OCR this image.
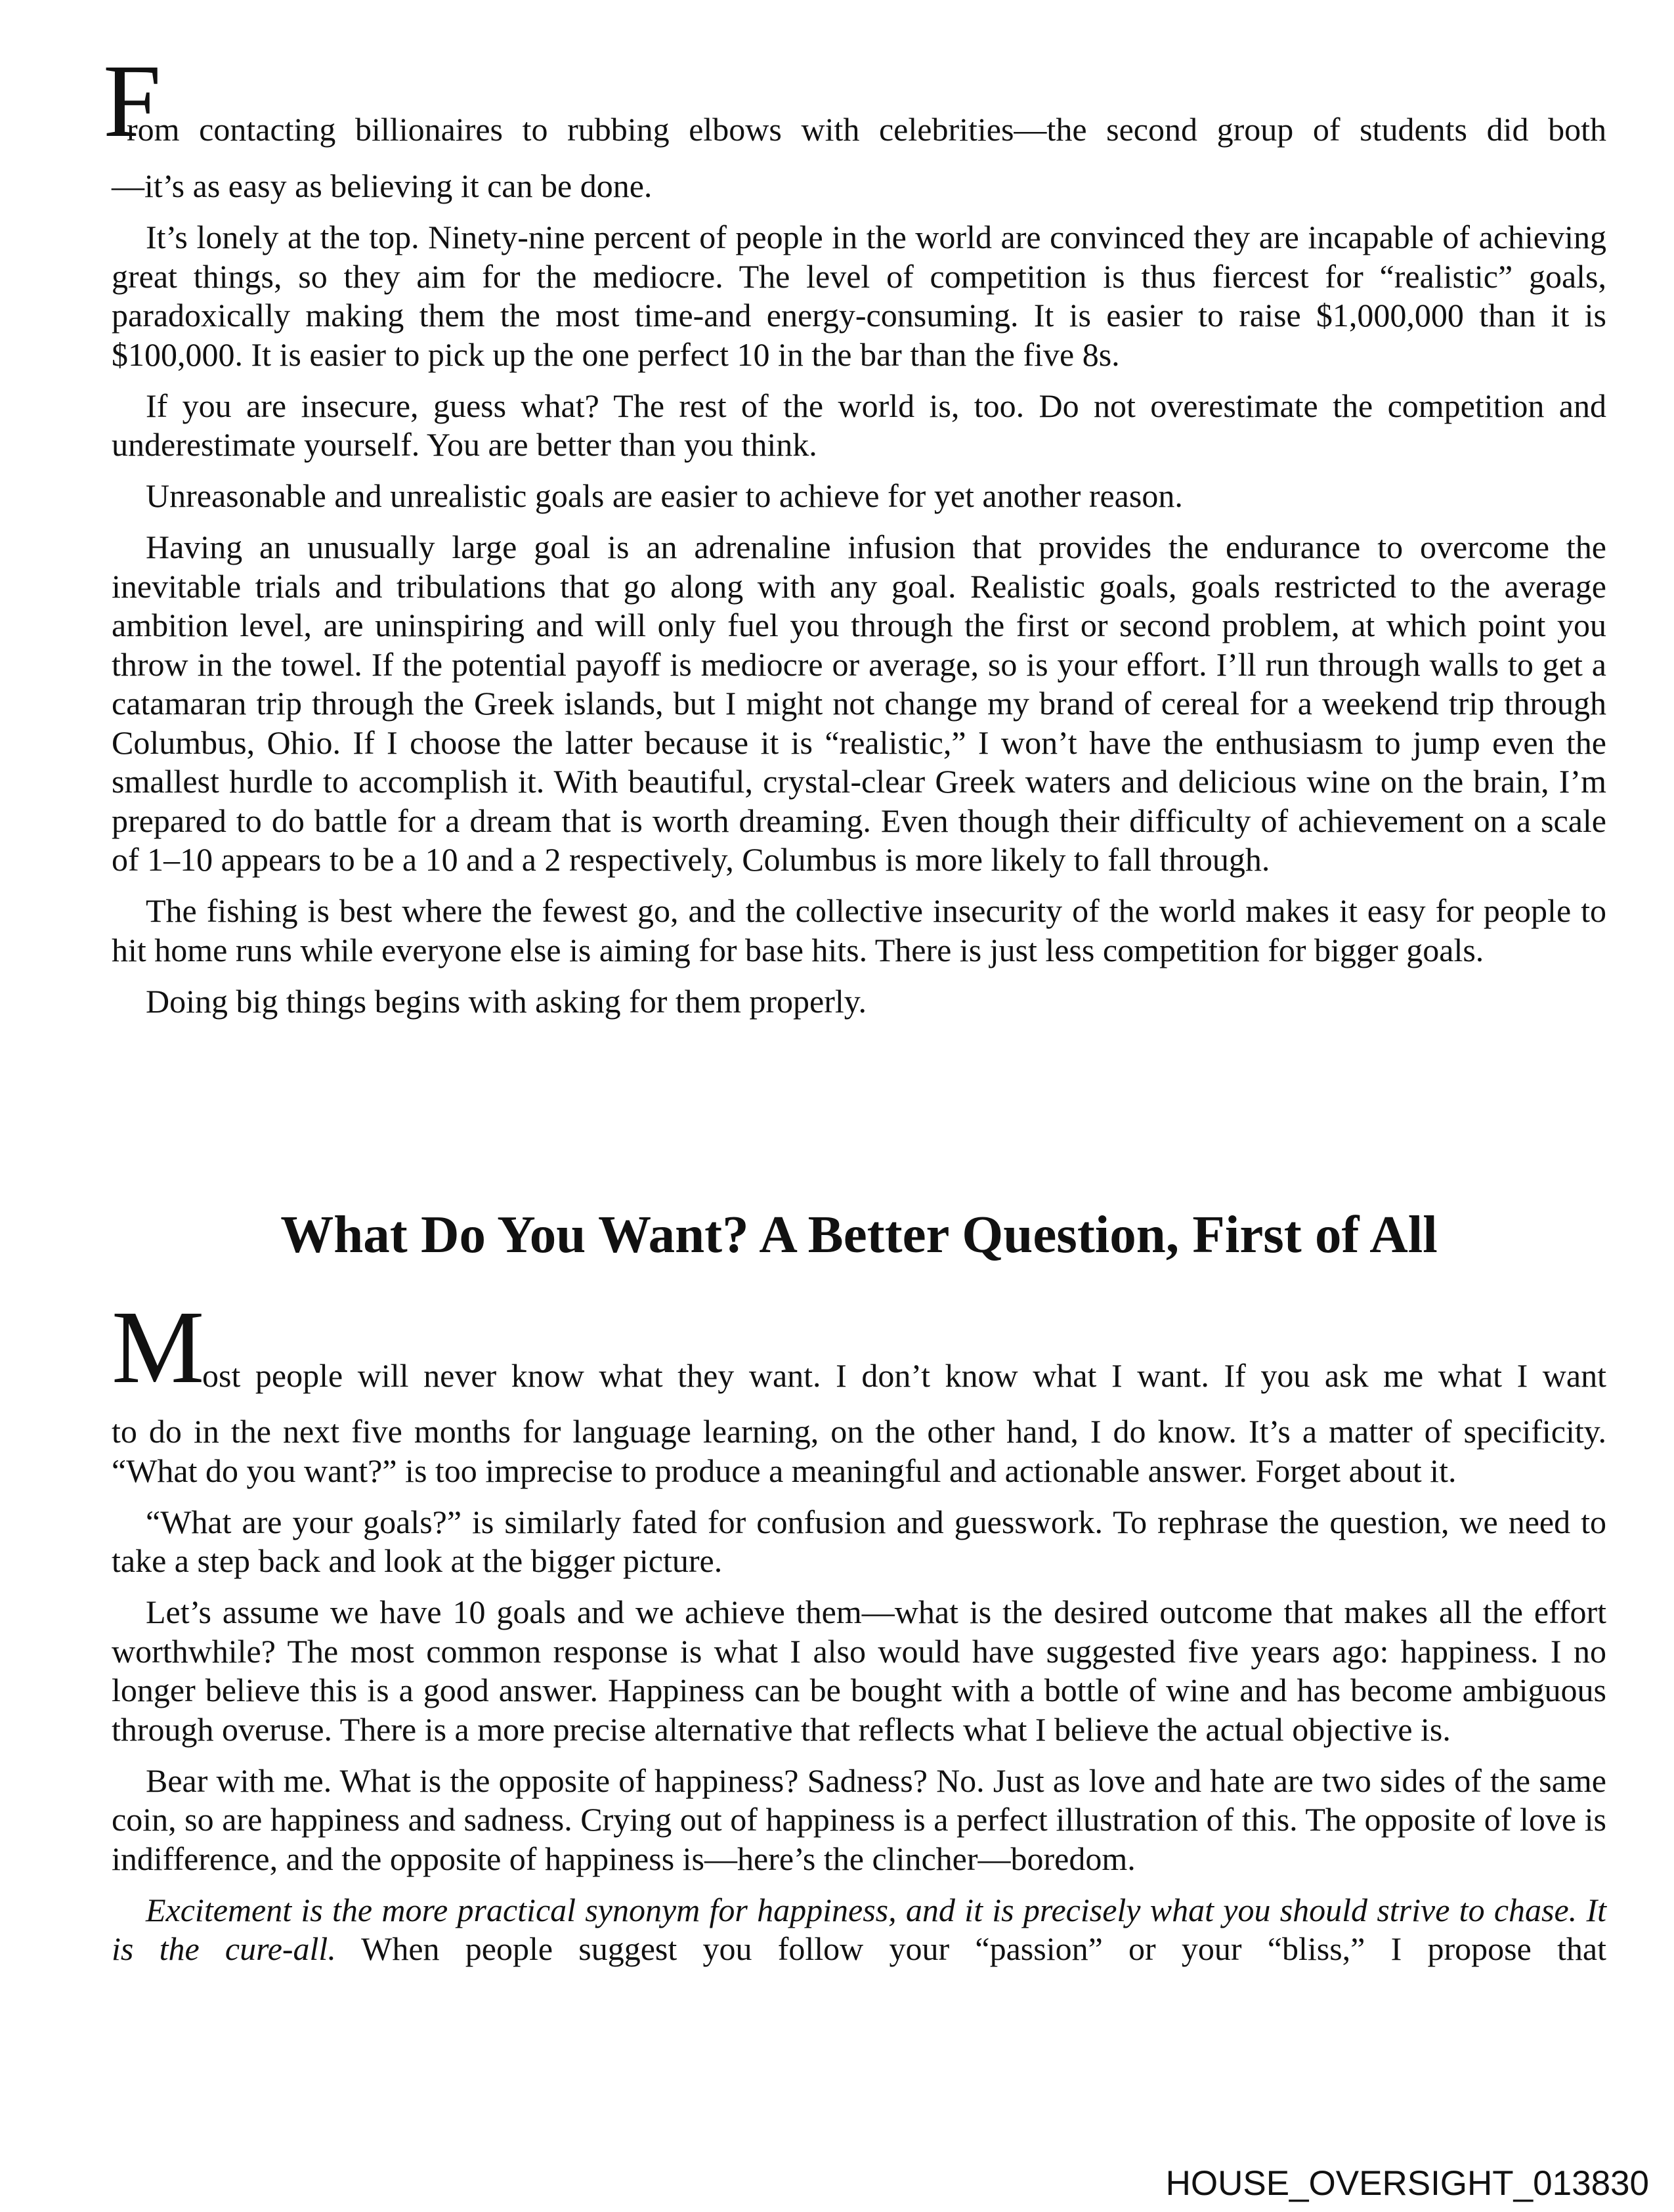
F
rom contacting billionaires to rubbing elbows with celebrities—the second group of students did both

—it’s as easy as believing it can be done.

It’s lonely at the top. Ninety-nine percent of people in the world are convinced they are incapable of achieving great things, so they aim for the mediocre. The level of competition is thus fiercest for “realistic” goals, paradoxically making them the most time-and energy-consuming. It is easier to raise $1,000,000 than it is $100,000. It is easier to pick up the one perfect 10 in the bar than the five 8s.

If you are insecure, guess what? The rest of the world is, too. Do not overestimate the competition and underestimate yourself. You are better than you think.

Unreasonable and unrealistic goals are easier to achieve for yet another reason.

Having an unusually large goal is an adrenaline infusion that provides the endurance to overcome the inevitable trials and tribulations that go along with any goal. Realistic goals, goals restricted to the average ambition level, are uninspiring and will only fuel you through the first or second problem, at which point you throw in the towel. If the potential payoff is mediocre or average, so is your effort. I’ll run through walls to get a catamaran trip through the Greek islands, but I might not change my brand of cereal for a weekend trip through Columbus, Ohio. If I choose the latter because it is “realistic,” I won’t have the enthusiasm to jump even the smallest hurdle to accomplish it. With beautiful, crystal-clear Greek waters and delicious wine on the brain, I’m prepared to do battle for a dream that is worth dreaming. Even though their difficulty of achievement on a scale of 1–10 appears to be a 10 and a 2 respectively, Columbus is more likely to fall through.

The fishing is best where the fewest go, and the collective insecurity of the world makes it easy for people to hit home runs while everyone else is aiming for base hits. There is just less competition for bigger goals.

Doing big things begins with asking for them properly.

What Do You Want? A Better Question, First of All
M
ost people will never know what they want. I don’t know what I want. If you ask me what I want

to do in the next five months for language learning, on the other hand, I do know. It’s a matter of specificity. “What do you want?” is too imprecise to produce a meaningful and actionable answer. Forget about it.

“What are your goals?” is similarly fated for confusion and guesswork. To rephrase the question, we need to take a step back and look at the bigger picture.

Let’s assume we have 10 goals and we achieve them—what is the desired outcome that makes all the effort worthwhile? The most common response is what I also would have suggested five years ago: happiness. I no longer believe this is a good answer. Happiness can be bought with a bottle of wine and has become ambiguous through overuse. There is a more precise alternative that reflects what I believe the actual objective is.

Bear with me. What is the opposite of happiness? Sadness? No. Just as love and hate are two sides of the same coin, so are happiness and sadness. Crying out of happiness is a perfect illustration of this. The opposite of love is indifference, and the opposite of happiness is—here’s the clincher—boredom.

Excitement is the more practical synonym for happiness, and it is precisely what you should strive to chase. It is the cure-all. When people suggest you follow your “passion” or your “bliss,” I propose that

HOUSE_OVERSIGHT_013830
